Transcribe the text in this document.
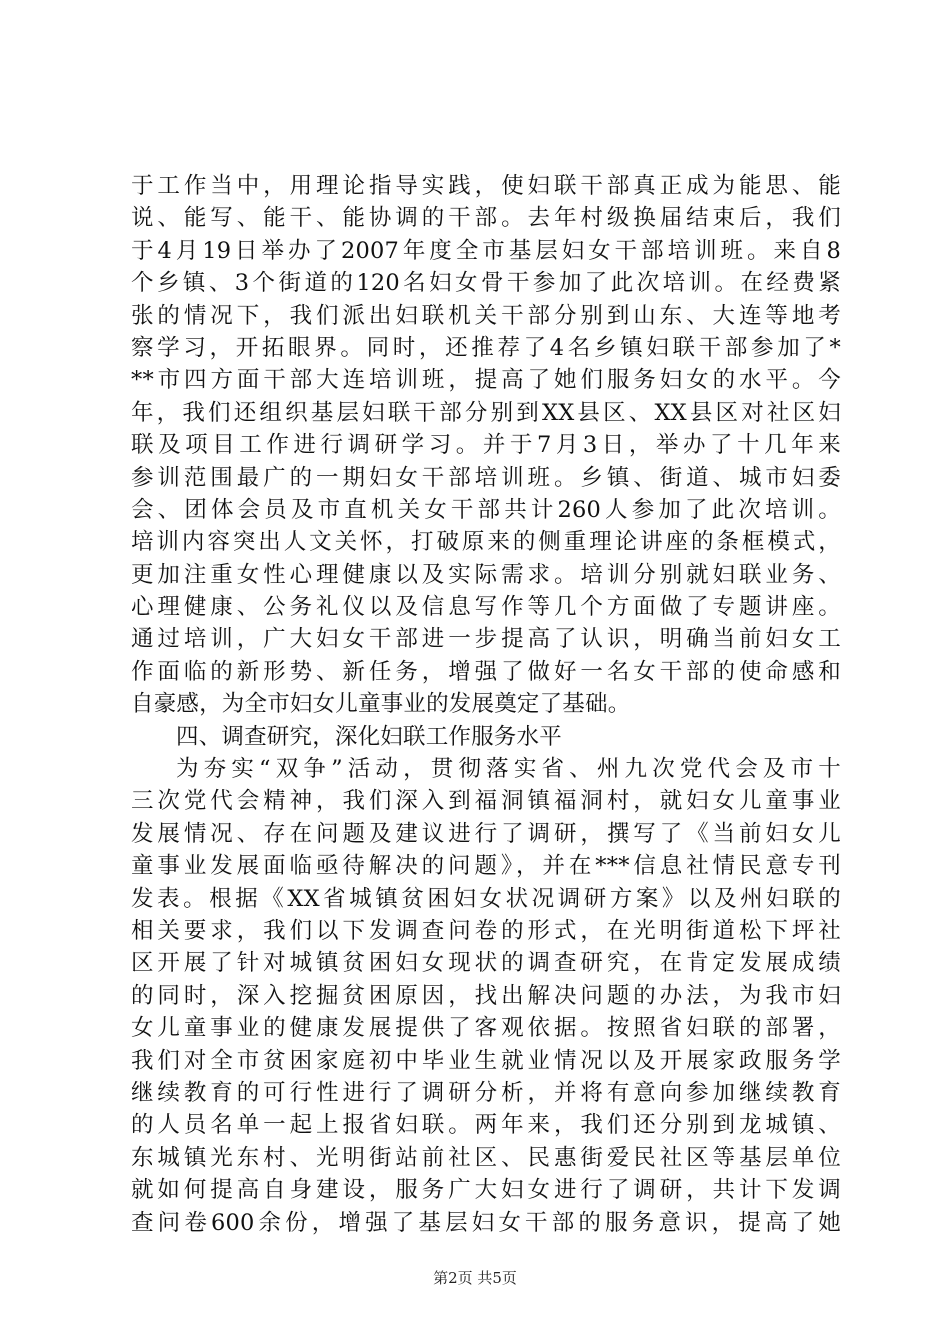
于工作当中，用理论指导实践，使妇联干部真正成为能思、能
说、能写、能干、能协调的干部。去年村级换届结束后，我们
于4月19日举办了2007年度全市基层妇女干部培训班。来自8
个乡镇、3个街道的120名妇女骨干参加了此次培训。在经费紧
张的情况下，我们派出妇联机关干部分别到山东、大连等地考
察学习，开拓眼界。同时，还推荐了4名乡镇妇联干部参加了*
**市四方面干部大连培训班，提高了她们服务妇女的水平。今
年，我们还组织基层妇联干部分别到XX县区、XX县区对社区妇
联及项目工作进行调研学习。并于7月3日，举办了十几年来
参训范围最广的一期妇女干部培训班。乡镇、街道、城市妇委
会、团体会员及市直机关女干部共计260人参加了此次培训。
培训内容突出人文关怀，打破原来的侧重理论讲座的条框模式，
更加注重女性心理健康以及实际需求。培训分别就妇联业务、
心理健康、公务礼仪以及信息写作等几个方面做了专题讲座。
通过培训，广大妇女干部进一步提高了认识，明确当前妇女工
作面临的新形势、新任务，增强了做好一名女干部的使命感和
自豪感，为全市妇女儿童事业的发展奠定了基础。
四、调查研究，深化妇联工作服务水平
为夯实“双争”活动，贯彻落实省、州九次党代会及市十
三次党代会精神，我们深入到福洞镇福洞村，就妇女儿童事业
发展情况、存在问题及建议进行了调研，撰写了《当前妇女儿
童事业发展面临亟待解决的问题》，并在***信息社情民意专刊
发表。根据《XX省城镇贫困妇女状况调研方案》以及州妇联的
相关要求，我们以下发调查问卷的形式，在光明街道松下坪社
区开展了针对城镇贫困妇女现状的调查研究，在肯定发展成绩
的同时，深入挖掘贫困原因，找出解决问题的办法，为我市妇
女儿童事业的健康发展提供了客观依据。按照省妇联的部署，
我们对全市贫困家庭初中毕业生就业情况以及开展家政服务学
继续教育的可行性进行了调研分析，并将有意向参加继续教育
的人员名单一起上报省妇联。两年来，我们还分别到龙城镇、
东城镇光东村、光明街站前社区、民惠街爱民社区等基层单位
就如何提高自身建设，服务广大妇女进行了调研，共计下发调
查问卷600余份，增强了基层妇女干部的服务意识，提高了她
第2页 共5页
